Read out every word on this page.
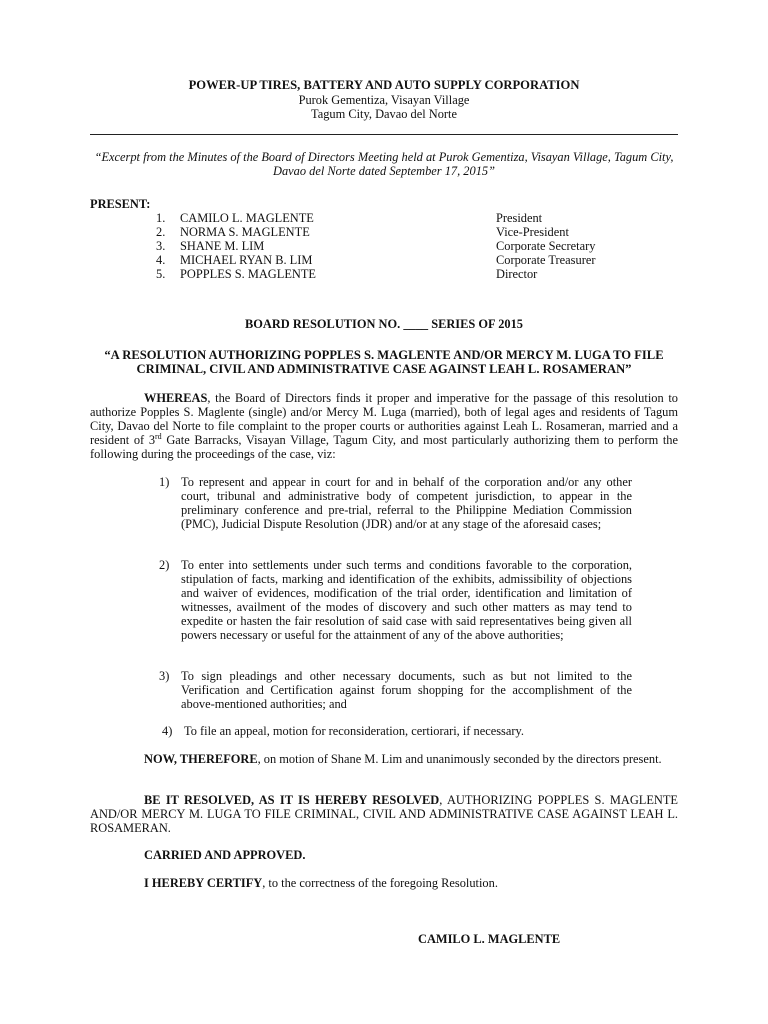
POWER-UP TIRES, BATTERY AND AUTO SUPPLY CORPORATION
Purok Gementiza, Visayan Village
Tagum City, Davao del Norte
“Excerpt from the Minutes of the Board of Directors Meeting held at Purok Gementiza, Visayan Village, Tagum City, Davao del Norte dated September 17, 2015”
PRESENT:
1.	CAMILO L. MAGLENTE	President
2.	NORMA S. MAGLENTE	Vice-President
3.	SHANE M. LIM	Corporate Secretary
4.	MICHAEL RYAN B. LIM	Corporate Treasurer
5.	POPPLES S. MAGLENTE	Director
BOARD RESOLUTION NO. ____ SERIES OF 2015
“A RESOLUTION AUTHORIZING POPPLES S. MAGLENTE AND/OR MERCY M. LUGA TO FILE CRIMINAL, CIVIL AND ADMINISTRATIVE CASE AGAINST LEAH L. ROSAMERAN”
WHEREAS, the Board of Directors finds it proper and imperative for the passage of this resolution to authorize Popples S. Maglente (single) and/or Mercy M. Luga (married), both of legal ages and residents of Tagum City, Davao del Norte to file complaint to the proper courts or authorities against Leah L. Rosameran, married and a resident of 3rd Gate Barracks, Visayan Village, Tagum City, and most particularly authorizing them to perform the following during the proceedings of the case, viz:
1) To represent and appear in court for and in behalf of the corporation and/or any other court, tribunal and administrative body of competent jurisdiction, to appear in the preliminary conference and pre-trial, referral to the Philippine Mediation Commission (PMC), Judicial Dispute Resolution (JDR) and/or at any stage of the aforesaid cases;
2) To enter into settlements under such terms and conditions favorable to the corporation, stipulation of facts, marking and identification of the exhibits, admissibility of objections and waiver of evidences, modification of the trial order, identification and limitation of witnesses, availment of the modes of discovery and such other matters as may tend to expedite or hasten the fair resolution of said case with said representatives being given all powers necessary or useful for the attainment of any of the above authorities;
3) To sign pleadings and other necessary documents, such as but not limited to the Verification and Certification against forum shopping for the accomplishment of the above-mentioned authorities; and
4) To file an appeal, motion for reconsideration, certiorari, if necessary.
NOW, THEREFORE, on motion of Shane M. Lim and unanimously seconded by the directors present.
BE IT RESOLVED, AS IT IS HEREBY RESOLVED, AUTHORIZING POPPLES S. MAGLENTE AND/OR MERCY M. LUGA TO FILE CRIMINAL, CIVIL AND ADMINISTRATIVE CASE AGAINST LEAH L. ROSAMERAN.
CARRIED AND APPROVED.
I HEREBY CERTIFY, to the correctness of the foregoing Resolution.
CAMILO L. MAGLENTE
